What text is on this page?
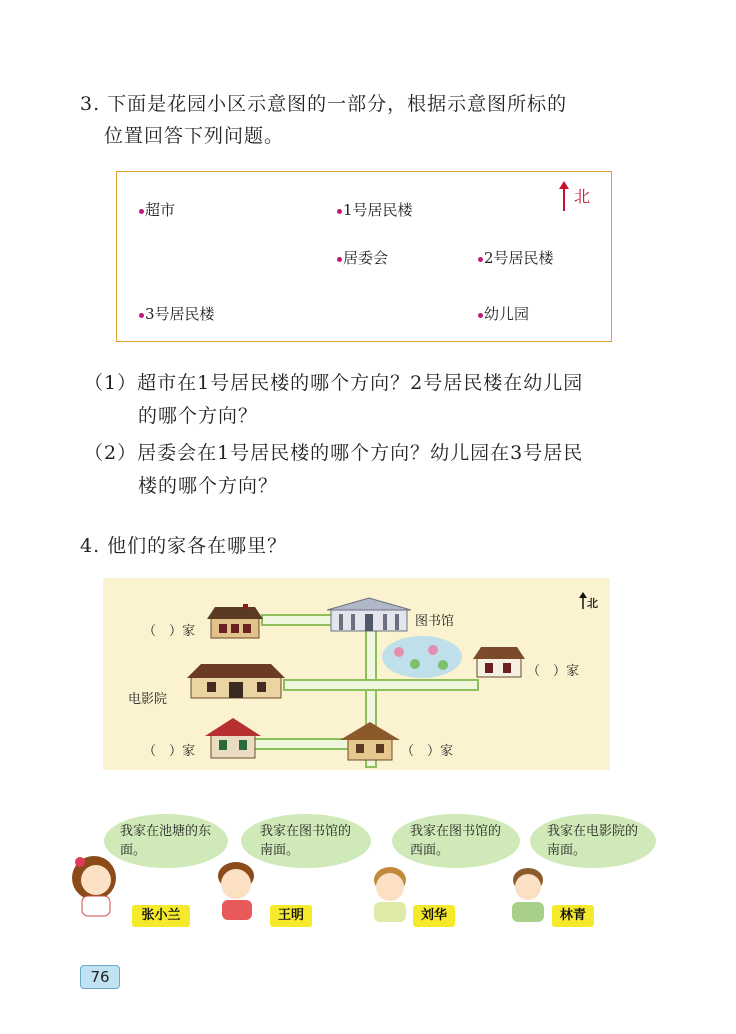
3. 下面是花园小区示意图的一部分，根据示意图所标的
位置回答下列问题。
超市	1号居民楼
居委会	2号居民楼
3号居民楼	幼儿园
北
（1）超市在1号居民楼的哪个方向？2号居民楼在幼儿园
的哪个方向？
（2）居委会在1号居民楼的哪个方向？幼儿园在3号居民
楼的哪个方向？
4. 他们的家各在哪里？
（　）家
图书馆
北
电影院
（　）家
（　）家	（　）家
我家在池塘的东面。
我家在图书馆的南面。
我家在图书馆的西面。
我家在电影院的南面。
张小兰	王明	刘华	林青
76
